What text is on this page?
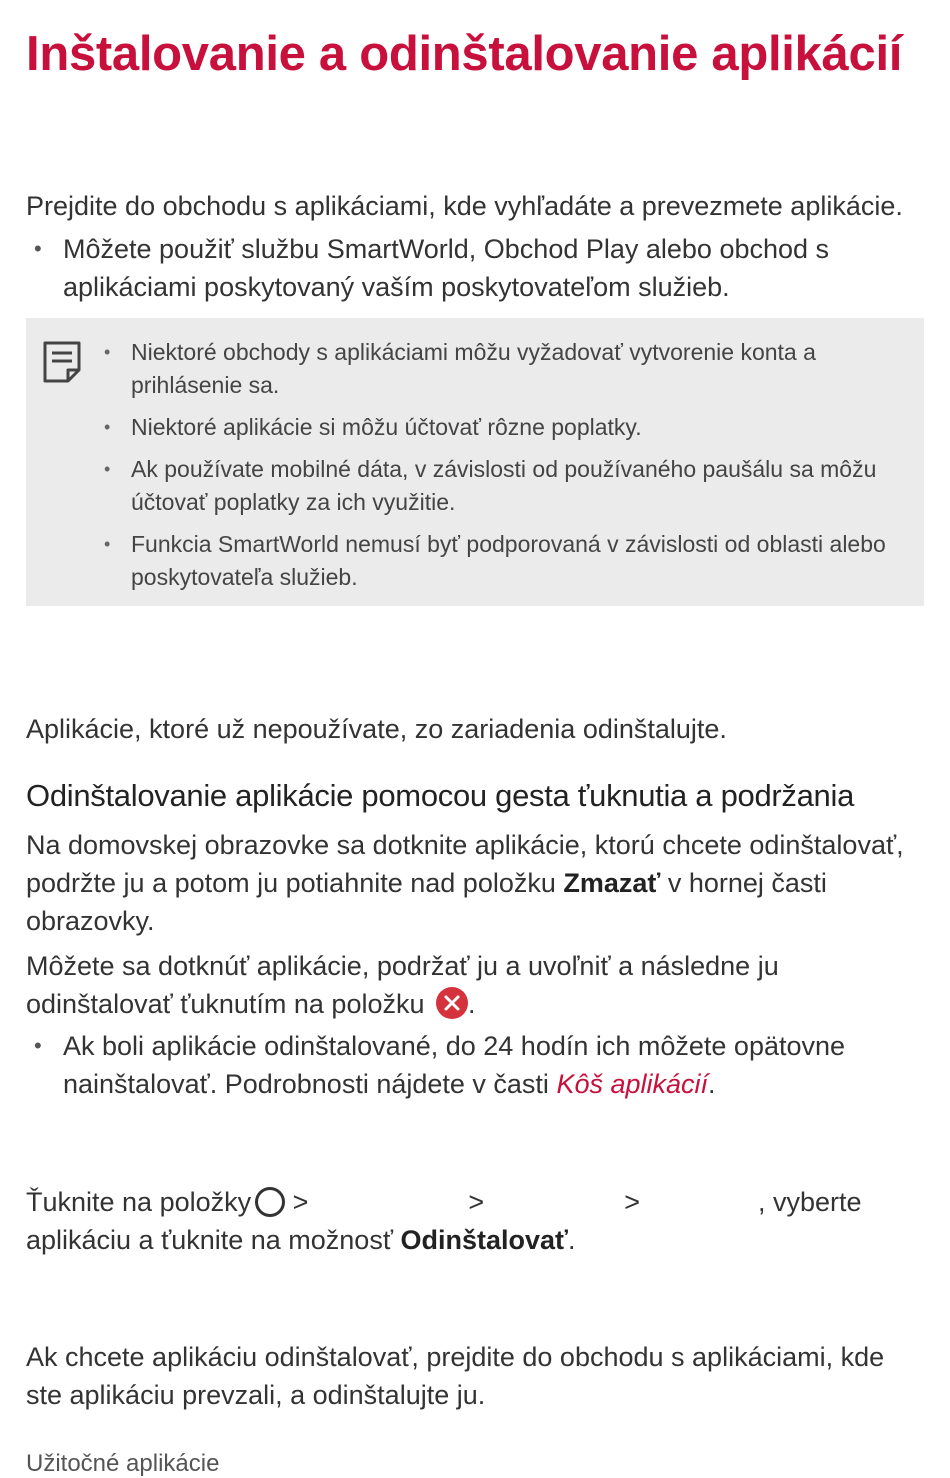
Inštalovanie a odinštalovanie aplikácií

Prejdite do obchodu s aplikáciami, kde vyhľadáte a prevezmete aplikácie.

• Môžete použiť službu SmartWorld, Obchod Play alebo obchod s
aplikáciami poskytovaný vaším poskytovateľom služieb.
• Niektoré obchody s aplikáciami môžu vyžadovať vytvorenie konta a prihlásenie sa.
• Niektoré aplikácie si môžu účtovať rôzne poplatky.
• Ak používate mobilné dáta, v závislosti od používaného paušálu sa môžu účtovať poplatky za ich využitie.
• Funkcia SmartWorld nemusí byť podporovaná v závislosti od oblasti alebo poskytovateľa služieb.

Aplikácie, ktoré už nepoužívate, zo zariadenia odinštalujte.

Odinštalovanie aplikácie pomocou gesta ťuknutia a podržania

Na domovskej obrazovke sa dotknite aplikácie, ktorú chcete odinštalovať, podržte ju a potom ju potiahnite nad položku Zmazať v hornej časti obrazovky.

Môžete sa dotknúť aplikácie, podržať ju a uvoľniť a následne ju odinštalovať ťuknutím na položku
.

• Ak boli aplikácie odinštalované, do 24 hodín ich môžete opätovne nainštalovať. Podrobnosti nájdete v časti Kôš aplikácií.

Ťuknite na položky >	>	>	, vyberte
aplikáciu a ťuknite na možnosť Odinštalovať.

Ak chcete aplikáciu odinštalovať, prejdite do obchodu s aplikáciami, kde ste aplikáciu prevzali, a odinštalujte ju.

Užitočné aplikácie
